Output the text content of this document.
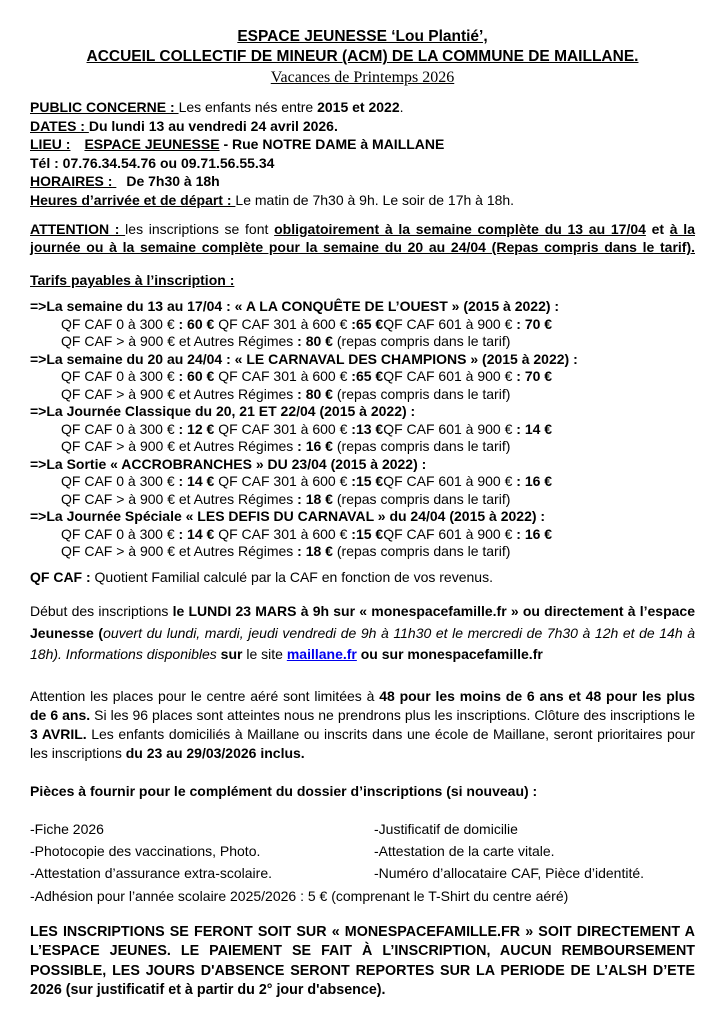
ESPACE JEUNESSE ‘Lou Plantié’,

ACCUEIL COLLECTIF DE MINEUR (ACM) DE LA COMMUNE DE MAILLANE.

Vacances de Printemps 2026

PUBLIC CONCERNE : Les enfants nés entre 2015 et 2022.

DATES : Du lundi 13 au vendredi 24 avril 2026.

LIEU : ESPACE JEUNESSE - Rue NOTRE DAME à MAILLANE

Tél : 07.76.34.54.76 ou 09.71.56.55.34

HORAIRES : De 7h30 à 18h

Heures d’arrivée et de départ : Le matin de 7h30 à 9h. Le soir de 17h à 18h.

ATTENTION : les inscriptions se font obligatoirement à la semaine complète du 13 au 17/04 et à la journée ou à la semaine complète pour la semaine du 20 au 24/04 (Repas compris dans le tarif).

Tarifs payables à l’inscription :

=>La semaine du 13 au 17/04 : « A LA CONQUÊTE DE L’OUEST » (2015 à 2022) :

QF CAF 0 à 300 € : 60 € QF CAF 301 à 600 € :65 €QF CAF 601 à 900 € : 70 €

QF CAF > à 900 € et Autres Régimes : 80 € (repas compris dans le tarif)

=>La semaine du 20 au 24/04 : « LE CARNAVAL DES CHAMPIONS » (2015 à 2022) :

QF CAF 0 à 300 € : 60 € QF CAF 301 à 600 € :65 €QF CAF 601 à 900 € : 70 €

QF CAF > à 900 € et Autres Régimes : 80 € (repas compris dans le tarif)

=>La Journée Classique du 20, 21 ET 22/04 (2015 à 2022) :

QF CAF 0 à 300 € : 12 € QF CAF 301 à 600 € :13 €QF CAF 601 à 900 € : 14 €

QF CAF > à 900 € et Autres Régimes : 16 € (repas compris dans le tarif)

=>La Sortie « ACCROBRANCHES » DU 23/04 (2015 à 2022) :

QF CAF 0 à 300 € : 14 € QF CAF 301 à 600 € :15 €QF CAF 601 à 900 € : 16 €

QF CAF > à 900 € et Autres Régimes : 18 € (repas compris dans le tarif)

=>La Journée Spéciale « LES DEFIS DU CARNAVAL » du 24/04 (2015 à 2022) :

QF CAF 0 à 300 € : 14 € QF CAF 301 à 600 € :15 €QF CAF 601 à 900 € : 16 €

QF CAF > à 900 € et Autres Régimes : 18 € (repas compris dans le tarif)

QF CAF : Quotient Familial calculé par la CAF en fonction de vos revenus.

Début des inscriptions le LUNDI 23 MARS à 9h sur « monespacefamille.fr » ou directement à l’espace Jeunesse (ouvert du lundi, mardi, jeudi vendredi de 9h à 11h30 et le mercredi de 7h30 à 12h et de 14h à 18h). Informations disponibles sur le site maillane.fr ou sur monespacefamille.fr

Attention les places pour le centre aéré sont limitées à 48 pour les moins de 6 ans et 48 pour les plus de 6 ans. Si les 96 places sont atteintes nous ne prendrons plus les inscriptions. Clôture des inscriptions le 3 AVRIL. Les enfants domiciliés à Maillane ou inscrits dans une école de Maillane, seront prioritaires pour les inscriptions du 23 au 29/03/2026 inclus.

Pièces à fournir pour le complément du dossier d’inscriptions (si nouveau) :

-Fiche 2026	-Justificatif de domicilie

-Photocopie des vaccinations, Photo.	-Attestation de la carte vitale.

-Attestation d’assurance extra-scolaire.	-Numéro d’allocataire CAF, Pièce d’identité.

-Adhésion pour l’année scolaire 2025/2026 : 5 € (comprenant le T-Shirt du centre aéré)

LES INSCRIPTIONS SE FERONT SOIT SUR « MONESPACEFAMILLE.FR » SOIT DIRECTEMENT A L’ESPACE JEUNES. LE PAIEMENT SE FAIT À L’INSCRIPTION, AUCUN REMBOURSEMENT POSSIBLE, LES JOURS D'ABSENCE SERONT REPORTES SUR LA PERIODE DE L’ALSH D’ETE 2026 (sur justificatif et à partir du 2° jour d'absence).
